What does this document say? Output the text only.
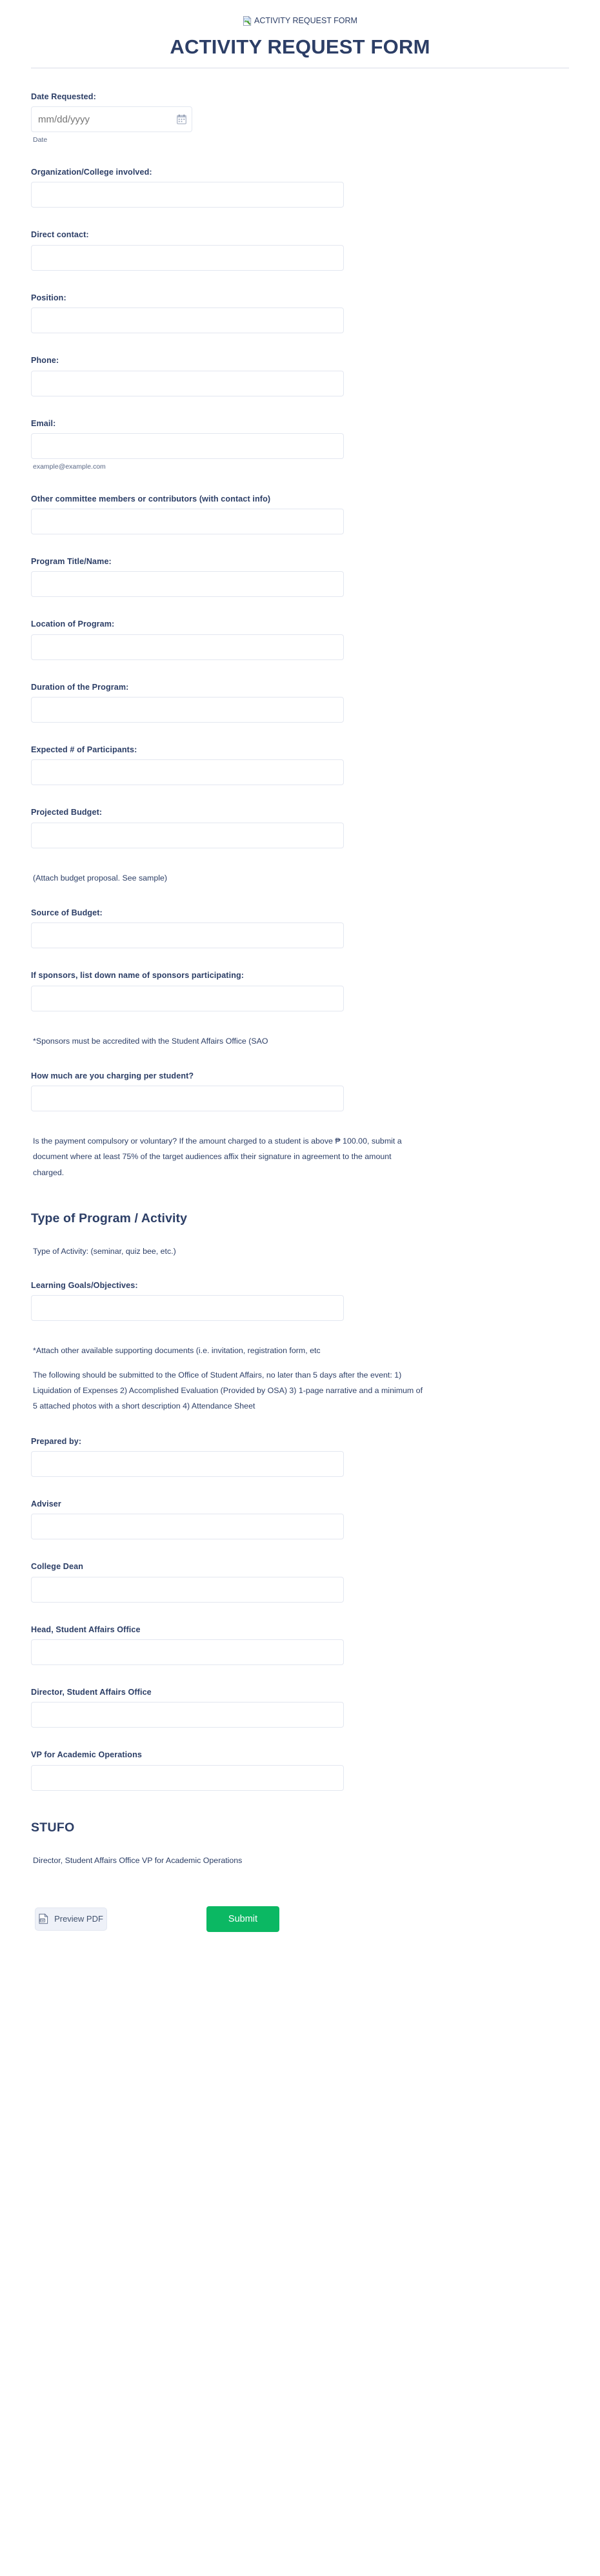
ACTIVITY REQUEST FORM
ACTIVITY REQUEST FORM
Date Requested:
mm/dd/yyyy
Date
Organization/College involved:
Direct contact:
Position:
Phone:
Email:
example@example.com
Other committee members or contributors (with contact info)
Program Title/Name:
Location of Program:
Duration of the Program:
Expected # of Participants:
Projected Budget:

(Attach budget proposal. See sample)

Source of Budget:
If sponsors, list down name of sponsors participating:

*Sponsors must be accredited with the Student Affairs Office (SAO

How much are you charging per student?

Is the payment compulsory or voluntary? If the amount charged to a student is above ₱ 100.00, submit a document where at least 75% of the target audiences affix their signature in agreement to the amount charged.

Type of Program / Activity

Type of Activity: (seminar, quiz bee, etc.)

Learning Goals/Objectives:

*Attach other available supporting documents (i.e. invitation, registration form, etc

The following should be submitted to the Office of Student Affairs, no later than 5 days after the event: 1) Liquidation of Expenses 2) Accomplished Evaluation (Provided by OSA) 3) 1-page narrative and a minimum of 5 attached photos with a short description 4) Attendance Sheet

Prepared by:
Adviser
College Dean
Head, Student Affairs Office
Director, Student Affairs Office
VP for Academic Operations
STUFO

Director, Student Affairs Office VP for Academic Operations

PDF Preview PDF	Submit
